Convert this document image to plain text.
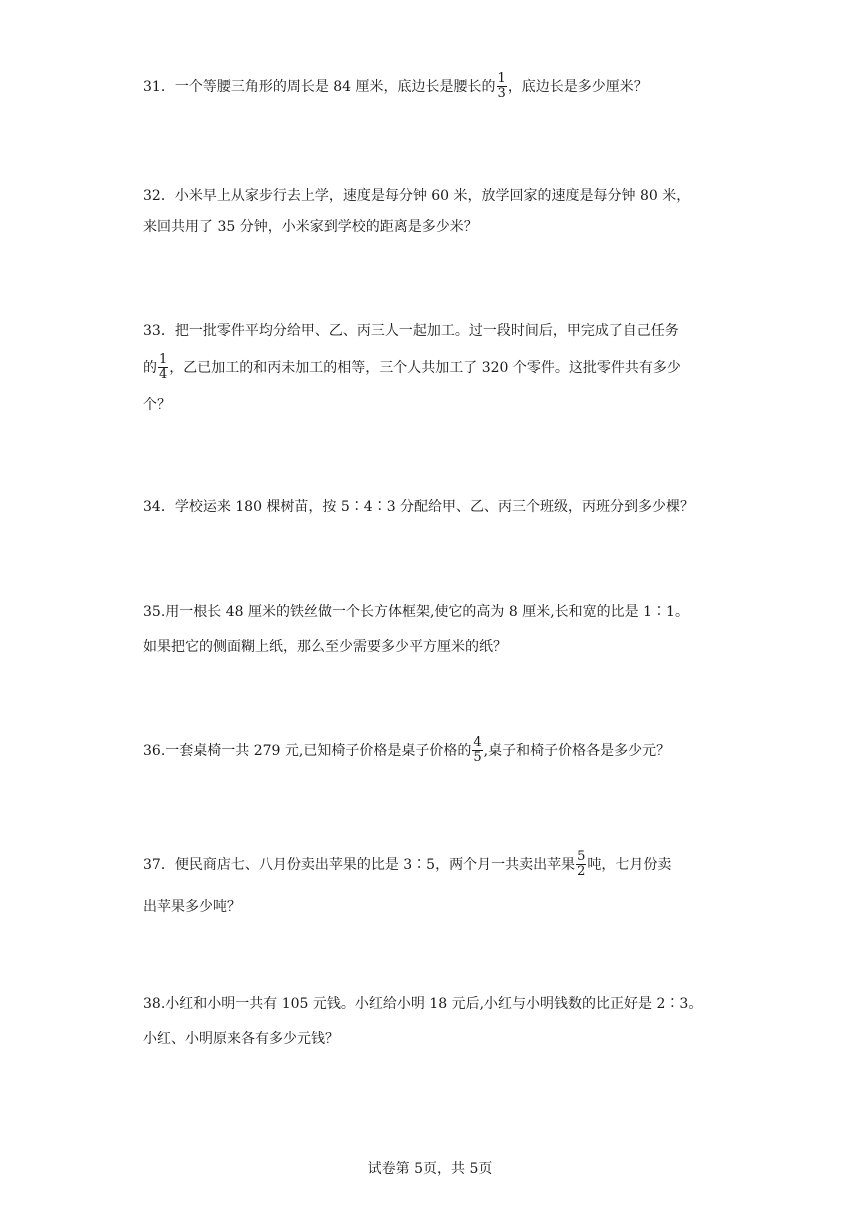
31．一个等腰三角形的周长是 84 厘米，底边长是腰长的 $\frac{1}{3}$ ，底边长是多少厘米？
32．小米早上从家步行去上学，速度是每分钟 60 米，放学回家的速度是每分钟 80 米，
来回共用了 35 分钟，小米家到学校的距离是多少米？
33．把一批零件平均分给甲、乙、丙三人一起加工。过一段时间后，甲完成了自己任务
的 $\frac{1}{4}$ ，乙已加工的和丙未加工的相等，三个人共加工了 320 个零件。这批零件共有多少
个？
34．学校运来 180 棵树苗，按 5∶4∶3 分配给甲、乙、丙三个班级，丙班分到多少棵？
35.用一根长 48 厘米的铁丝做一个长方体框架,使它的高为 8 厘米,长和宽的比是 1∶1。
如果把它的侧面糊上纸，那么至少需要多少平方厘米的纸？
36.一套桌椅一共 279 元,已知椅子价格是桌子价格的 $\frac{4}{5}$ ,桌子和椅子价格各是多少元？
37．便民商店七、八月份卖出苹果的比是 3∶5，两个月一共卖出苹果 $\frac{5}{2}$ 吨，七月份卖
出苹果多少吨？
38.小红和小明一共有 105 元钱。小红给小明 18 元后,小红与小明钱数的比正好是 2∶3。
小红、小明原来各有多少元钱？
试卷第 5页，共 5页
